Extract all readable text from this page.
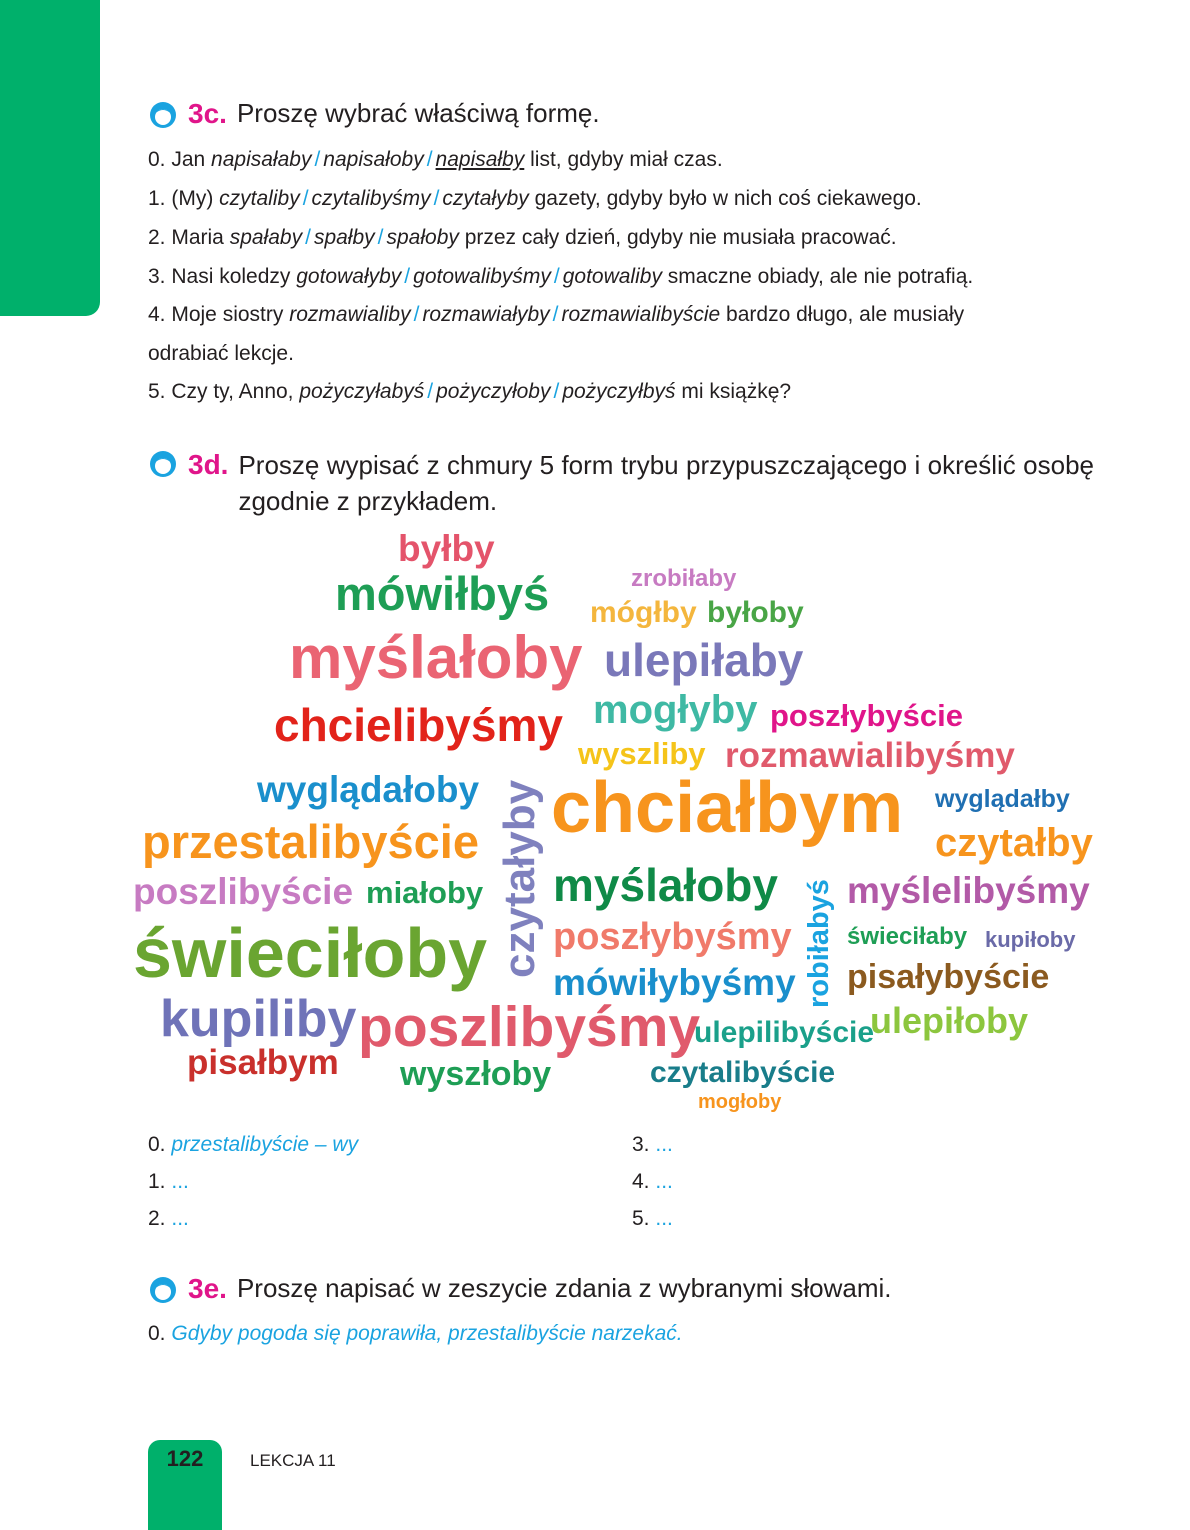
3c. Proszę wybrać właściwą formę.
0. Jan napisałaby / napisałoby / napisałby list, gdyby miał czas.
1. (My) czytaliby / czytalibyśmy / czytałyby gazety, gdyby było w nich coś ciekawego.
2. Maria spałaby / spałby / spałoby przez cały dzień, gdyby nie musiała pracować.
3. Nasi koledzy gotowałyby / gotowalibyśmy / gotowaliby smaczne obiady, ale nie potrafią.
4. Moje siostry rozmawialiby / rozmawiałyby / rozmawialibyście bardzo długo, ale musiały
odrabiać lekcje.
5. Czy ty, Anno, pożyczyłabyś / pożyczyłoby / pożyczyłbyś mi książkę?
3d. Proszę wypisać z chmury 5 form trybu przypuszczającego i określić osobę zgodnie z przykładem.
byłby
mówiłbyś	zrobiłaby
mógłby byłoby
myślałoby ulepiłaby
chcielibyśmy mogłyby poszłybyście
wyszliby rozmawialibyśmy
wyglądałoby czytałyby chciałbym wyglądałby
przestalibyście	czytałby
poszlibyście miałoby myślałoby robiłabyś myślelibyśmy
świeciłoby poszłybyśmy świeciłaby kupiłoby
mówiłybyśmy pisałybyście
kupiliby poszlibyśmy
ulepilibyście
ulepiłoby
pisałbym wyszłoby	czytalibyście
mogłoby
0. przestalibyście – wy
1. ...
2. ...
3. ...
4. ...
5. ...
3e. Proszę napisać w zeszycie zdania z wybranymi słowami.
0. Gdyby pogoda się poprawiła, przestalibyście narzekać.
122	LEKCJA 11
